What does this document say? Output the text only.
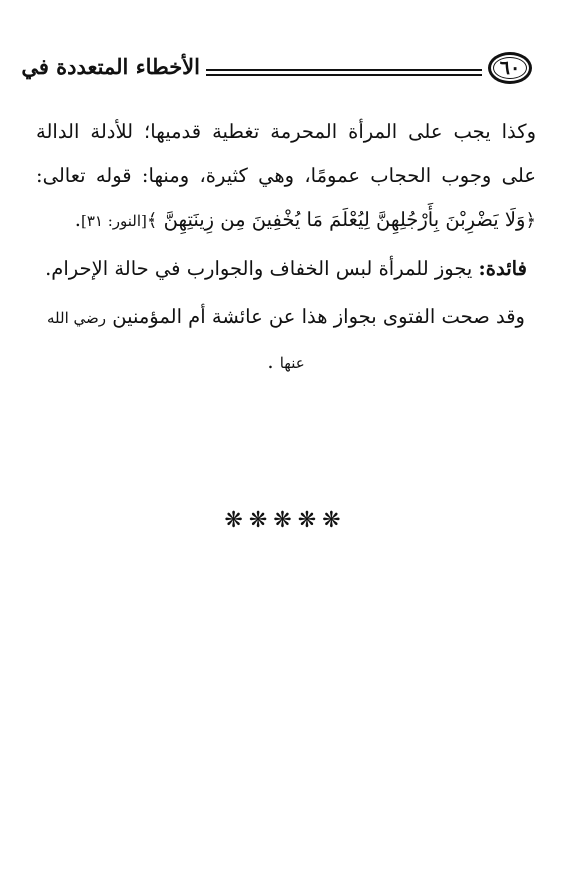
الأخطاء المتعددة في	٦٠

وكذا يجب على المرأة المحرمة تغطية قدميها؛ للأدلة الدالة على وجوب الحجاب عمومًا، وهي كثيرة، ومنها: قوله تعالى: ﴿وَلَا يَضْرِبْنَ بِأَرْجُلِهِنَّ لِيُعْلَمَ مَا يُخْفِينَ مِن زِينَتِهِنَّ ﴾[النور: ٣١].

فائدة: يجوز للمرأة لبس الخفاف والجوارب في حالة الإحرام.

وقد صحت الفتوى بجواز هذا عن عائشة أم المؤمنين رضي الله عنها .

❋❋❋❋❋
